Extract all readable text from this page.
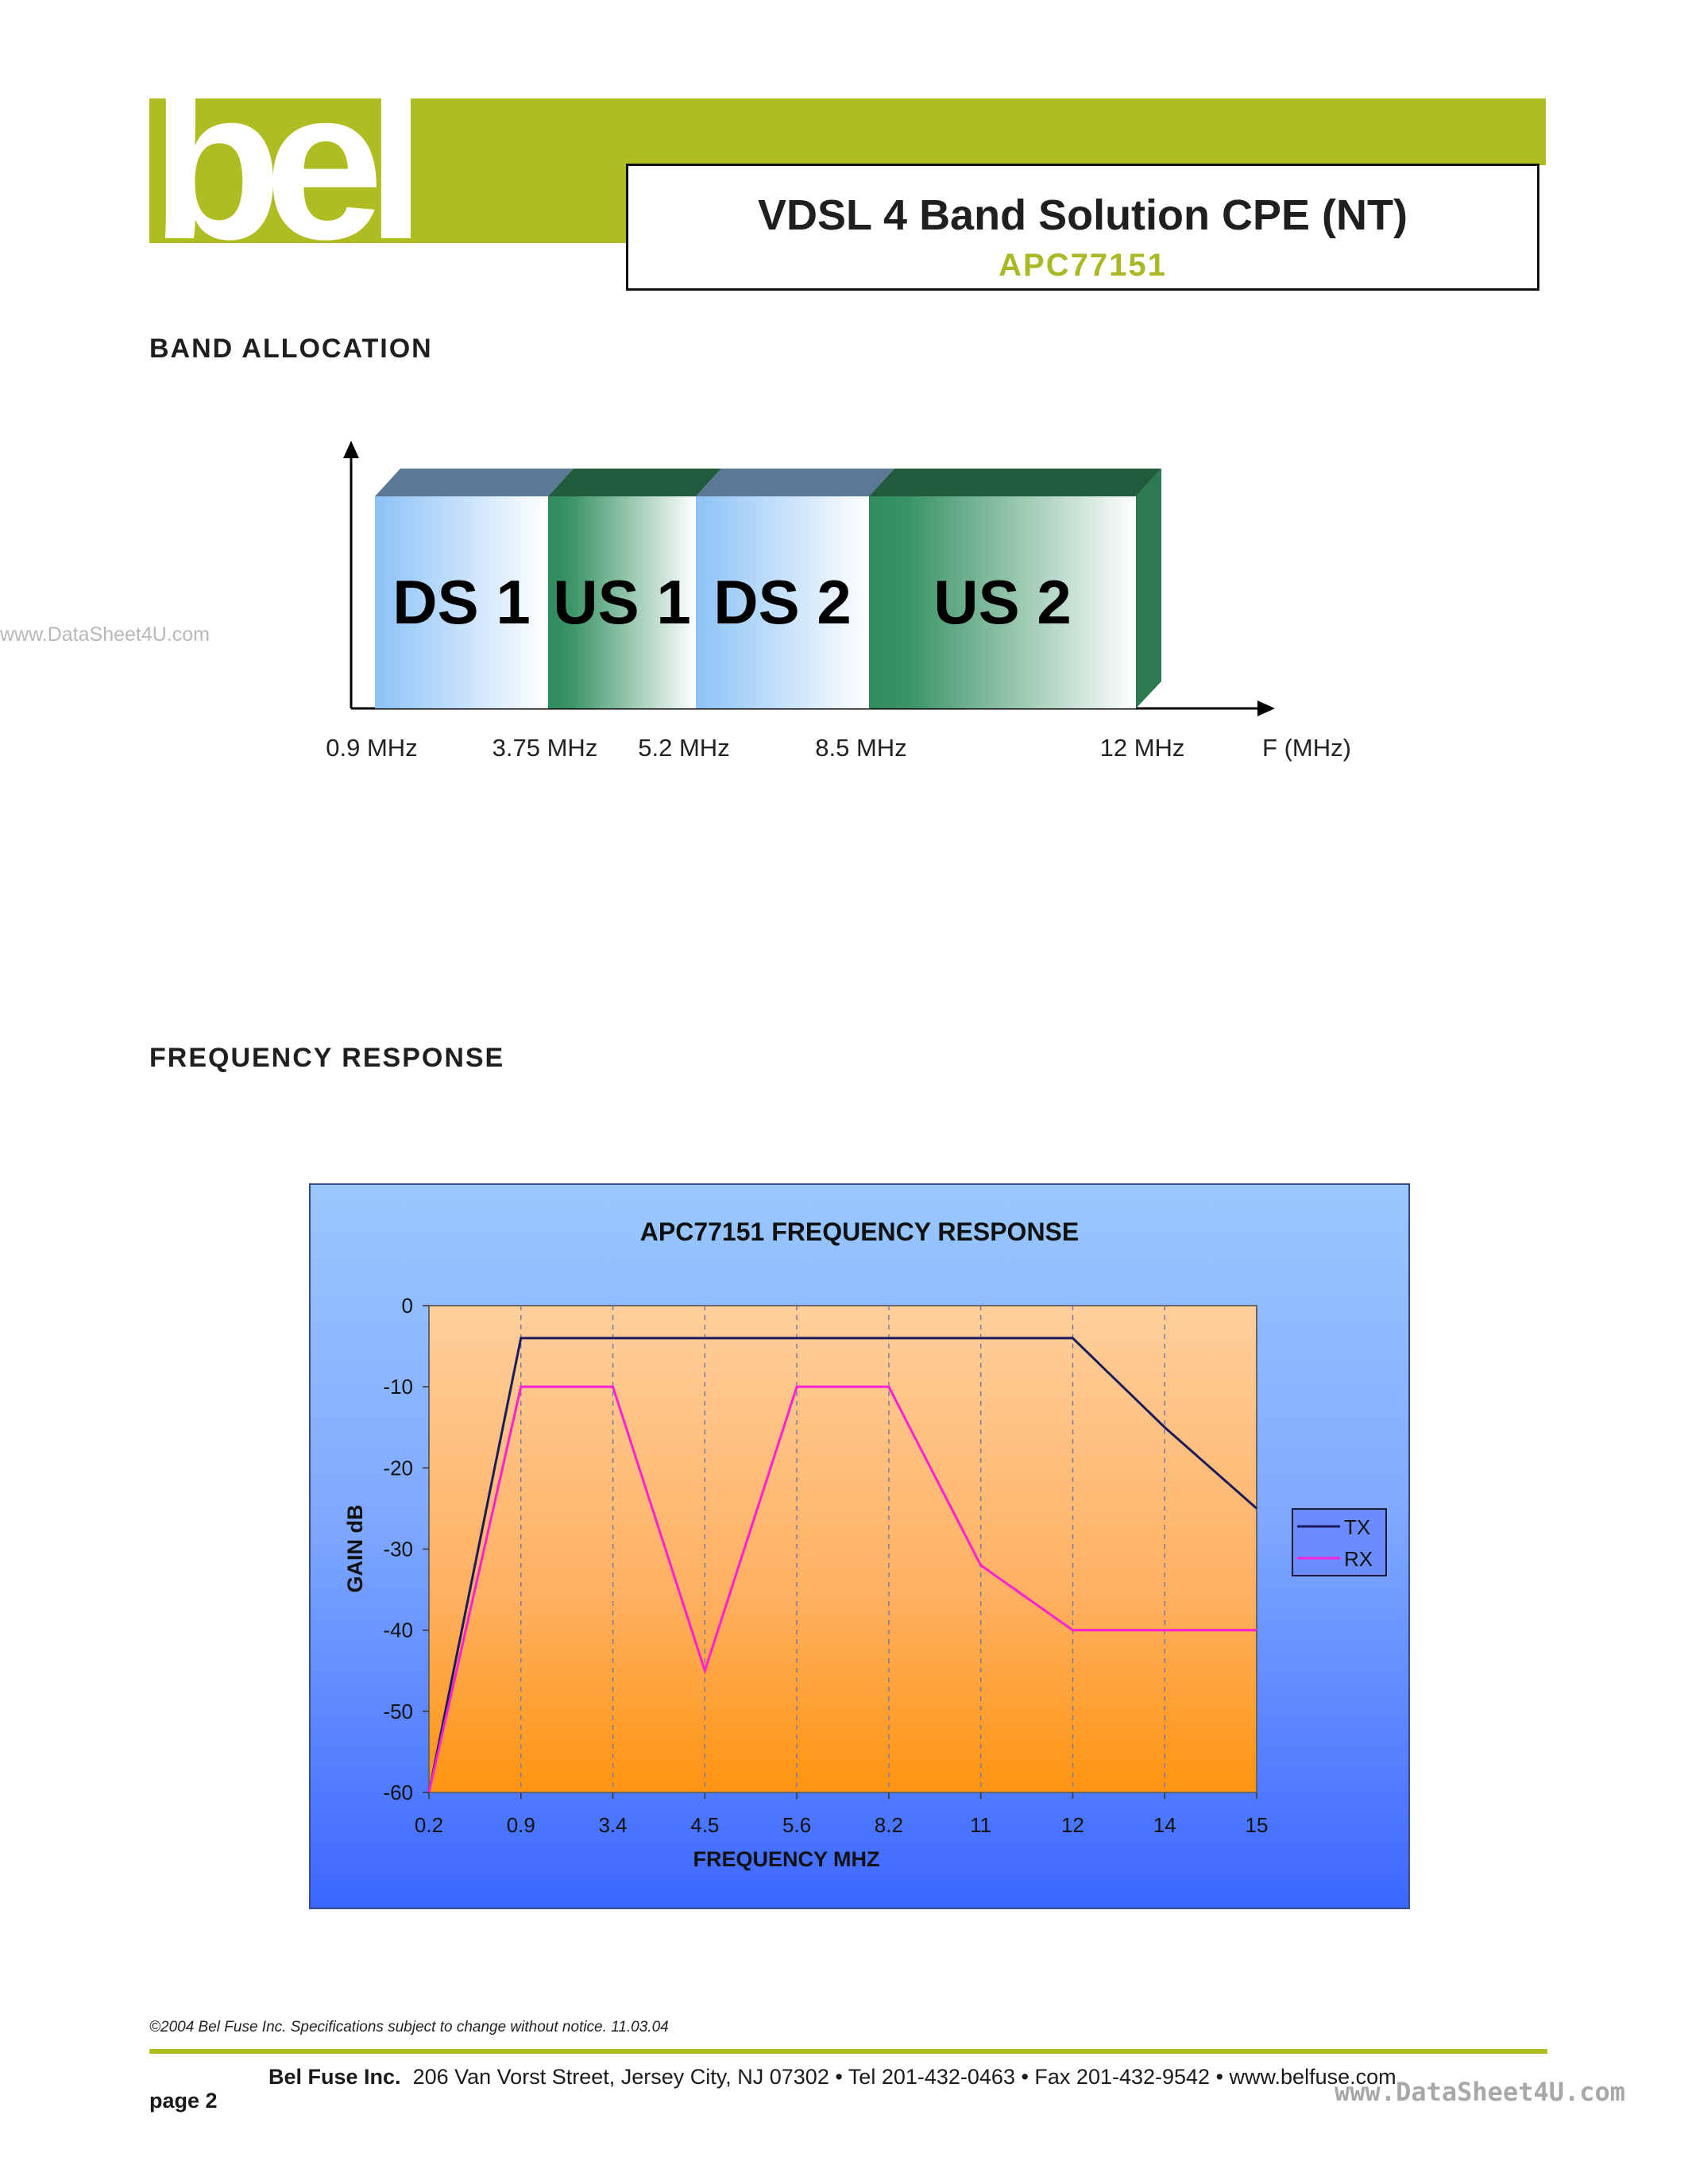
bel	VDSL 4 Band Solution CPE (NT)
APC77151
www.DataSheet4U.com
BAND ALLOCATION
DS 1 US 1 DS 2 US 2
0.9 MHz	3.75 MHz 5.2 MHz	8.5 MHz	12 MHz	F (MHz)
FREQUENCY RESPONSE
APC77151 FREQUENCY RESPONSE
0.2	0.9	3.4	4.5	5.6	8.2	11	12	14	15
0
-10
-20
-30
-40
-50
-60
FREQUENCY MHZ
GAIN dB	TX
RX
©2004 Bel Fuse Inc. Specifications subject to change without notice. 11.03.04
Bel Fuse Inc. 206 Van Vorst Street, Jersey City, NJ 07302 • Tel 201-432-0463 • Fax 201-432-9542 • www.belfuse.com
page 2	www.DataSheet4U.com
